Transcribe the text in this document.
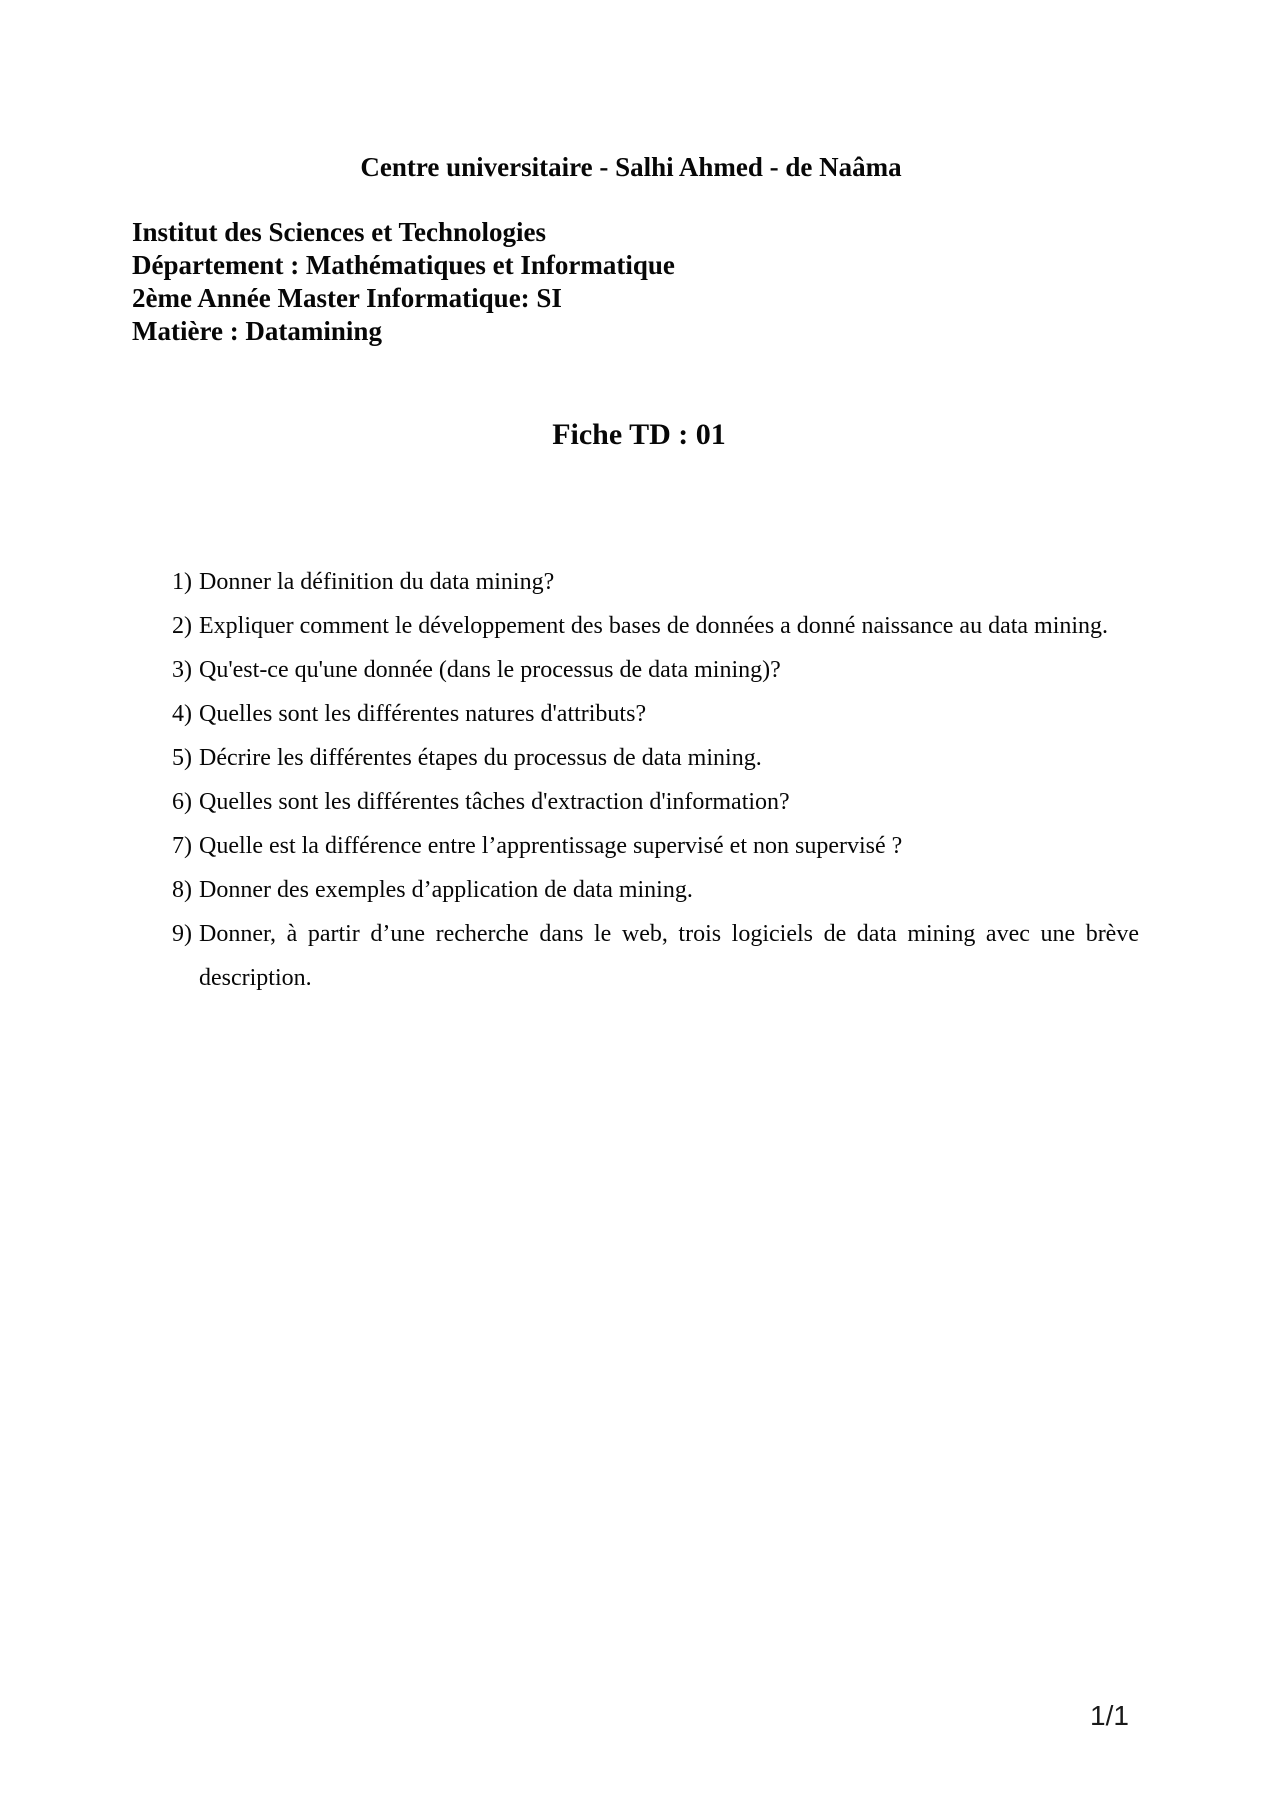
Centre universitaire - Salhi Ahmed - de Naâma
Institut des Sciences et Technologies
Département : Mathématiques et Informatique
2ème Année Master Informatique: SI
Matière : Datamining
Fiche TD : 01
1) Donner la définition du data mining?
2) Expliquer comment le développement des bases de données a donné naissance au data mining.
3) Qu'est-ce qu'une donnée (dans le processus de data mining)?
4) Quelles sont les différentes natures d'attributs?
5) Décrire les différentes étapes du processus de data mining.
6) Quelles sont les différentes tâches d'extraction d'information?
7) Quelle est la différence entre l’apprentissage supervisé et non supervisé ?
8) Donner des exemples d’application de data mining.
9) Donner, à partir d’une recherche dans le web, trois logiciels de data mining avec une brève description.
1/1
